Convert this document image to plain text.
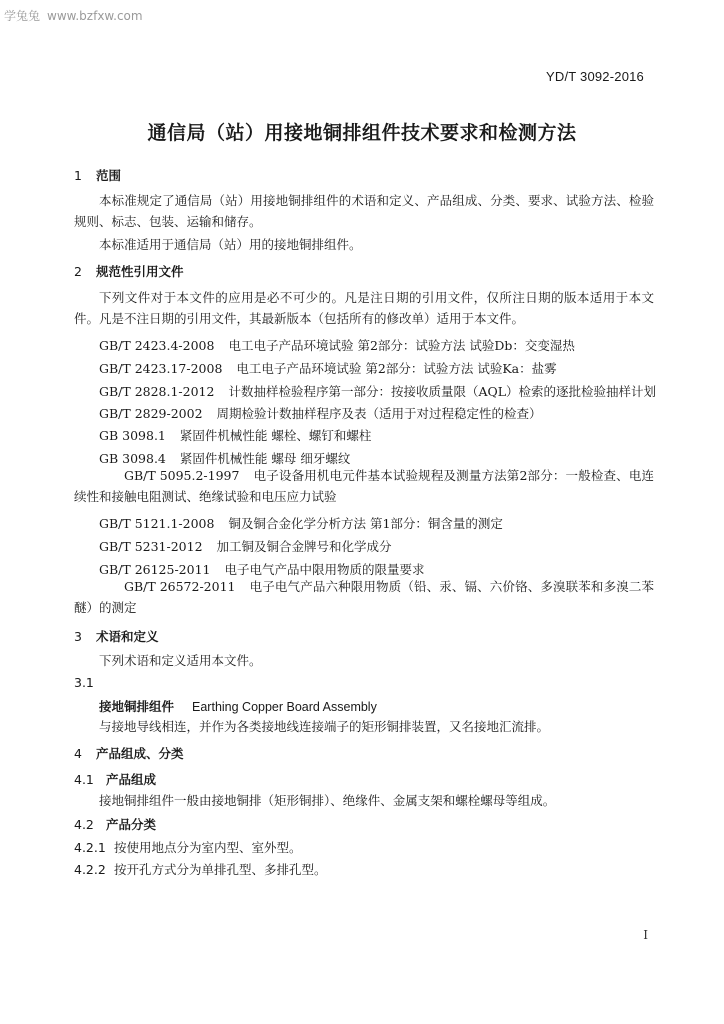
学兔兔 www.bzfxw.com
YD/T 3092-2016
通信局（站）用接地铜排组件技术要求和检测方法
1 范围
本标准规定了通信局（站）用接地铜排组件的术语和定义、产品组成、分类、要求、试验方法、检验规则、标志、包装、运输和储存。
本标准适用于通信局（站）用的接地铜排组件。
2 规范性引用文件
下列文件对于本文件的应用是必不可少的。凡是注日期的引用文件，仅所注日期的版本适用于本文件。凡是不注日期的引用文件，其最新版本（包括所有的修改单）适用于本文件。
GB/T 2423.4-2008 电工电子产品环境试验 第2部分：试验方法 试验Db：交变湿热
GB/T 2423.17-2008 电工电子产品环境试验 第2部分：试验方法 试验Ka：盐雾
GB/T 2828.1-2012 计数抽样检验程序第一部分：按接收质量限（AQL）检索的逐批检验抽样计划
GB/T 2829-2002 周期检验计数抽样程序及表（适用于对过程稳定性的检查）
GB 3098.1 紧固件机械性能 螺栓、螺钉和螺柱
GB 3098.4 紧固件机械性能 螺母 细牙螺纹
GB/T 5095.2-1997 电子设备用机电元件基本试验规程及测量方法第2部分：一般检查、电连续性和接触电阻测试、绝缘试验和电压应力试验
GB/T 5121.1-2008 铜及铜合金化学分析方法 第1部分：铜含量的测定
GB/T 5231-2012 加工铜及铜合金牌号和化学成分
GB/T 26125-2011 电子电气产品中限用物质的限量要求
GB/T 26572-2011 电子电气产品六种限用物质（铅、汞、镉、六价铬、多溴联苯和多溴二苯醚）的测定
3 术语和定义
下列术语和定义适用本文件。
3.1
接地铜排组件 Earthing Copper Board Assembly
与接地导线相连，并作为各类接地线连接端子的矩形铜排装置，又名接地汇流排。
4 产品组成、分类
4.1 产品组成
接地铜排组件一般由接地铜排（矩形铜排）、绝缘件、金属支架和螺栓螺母等组成。
4.2 产品分类
4.2.1 按使用地点分为室内型、室外型。
4.2.2 按开孔方式分为单排孔型、多排孔型。
I
